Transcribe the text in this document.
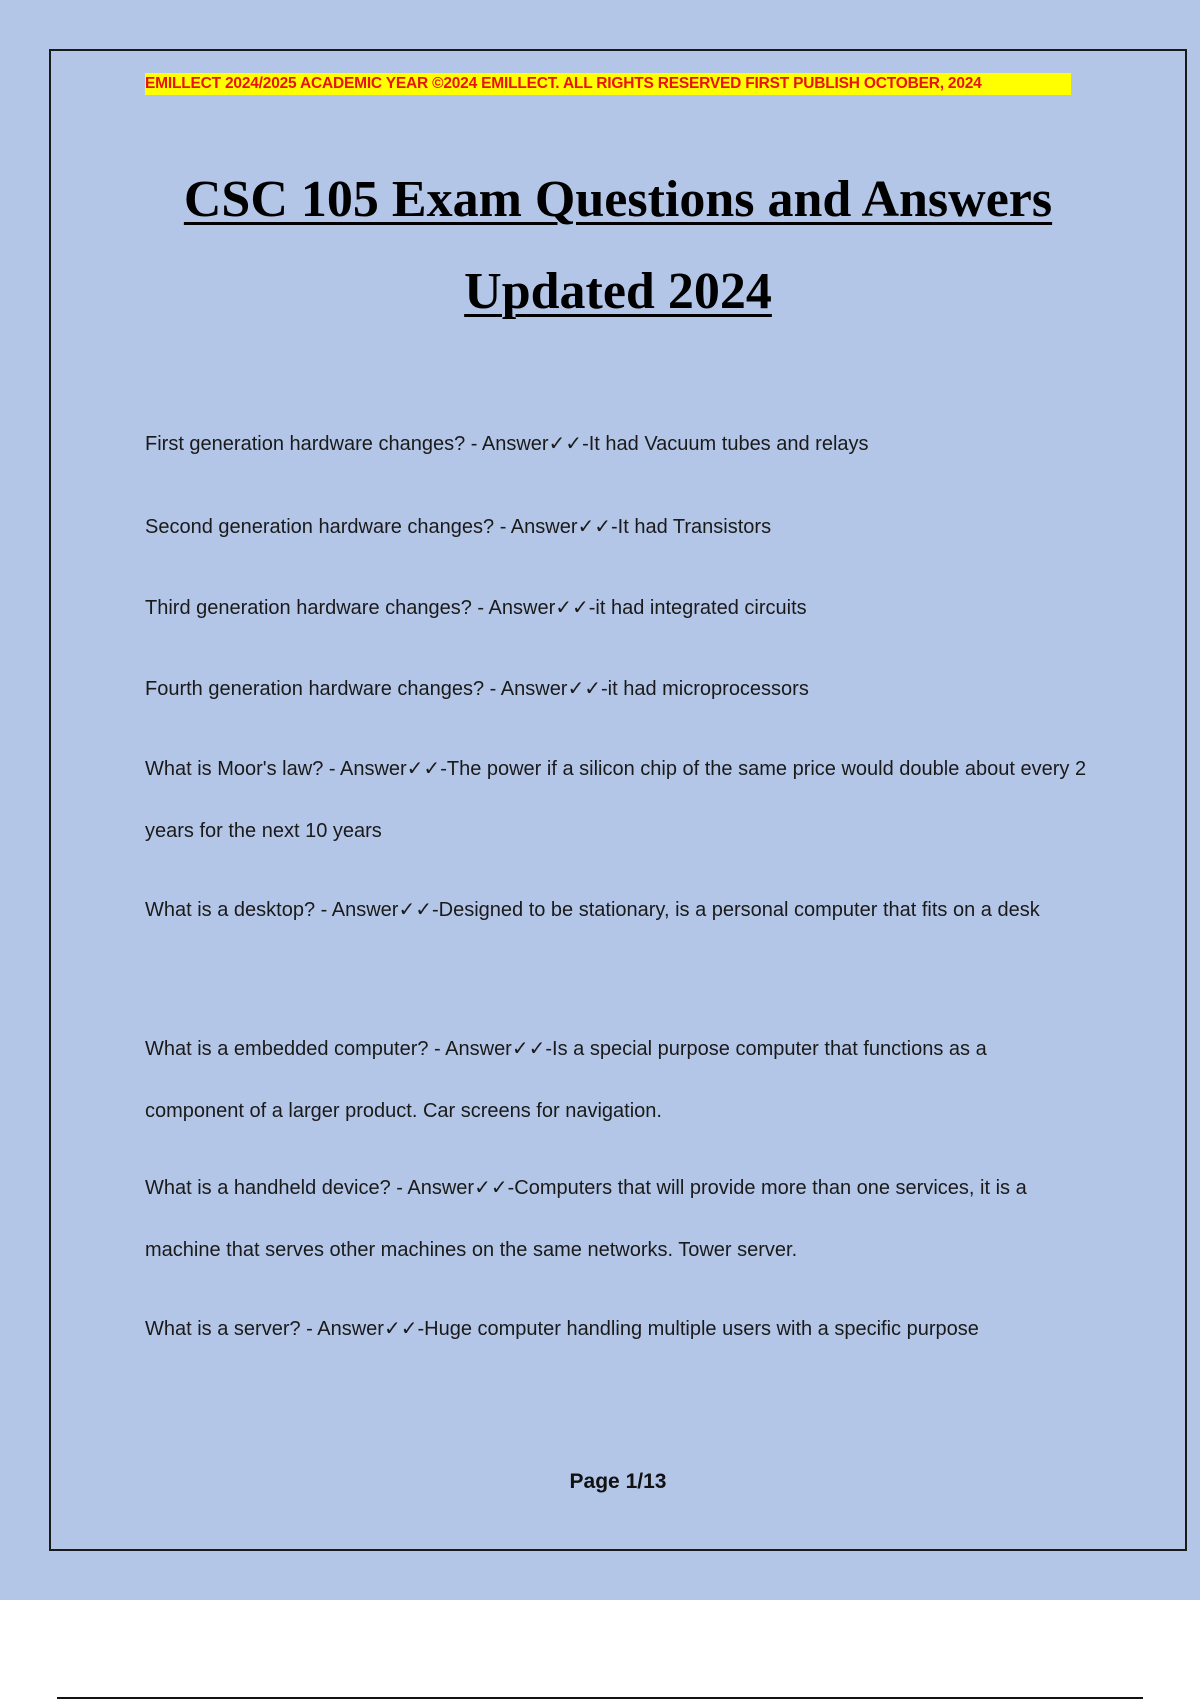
EMILLECT 2024/2025 ACADEMIC YEAR ©2024 EMILLECT. ALL RIGHTS RESERVED FIRST PUBLISH OCTOBER, 2024
CSC 105 Exam Questions and Answers
Updated 2024
First generation hardware changes? - Answer✓✓-It had Vacuum tubes and relays
Second generation hardware changes? - Answer✓✓-It had Transistors
Third generation hardware changes? - Answer✓✓-it had integrated circuits
Fourth generation hardware changes? - Answer✓✓-it had microprocessors
What is Moor's law? - Answer✓✓-The power if a silicon chip of the same price would double about every 2 years for the next 10 years
What is a desktop? - Answer✓✓-Designed to be stationary, is a personal computer that fits on a desk
What is a embedded computer? - Answer✓✓-Is a special purpose computer that functions as a component of a larger product. Car screens for navigation.
What is a handheld device? - Answer✓✓-Computers that will provide more than one services, it is a machine that serves other machines on the same networks. Tower server.
What is a server? - Answer✓✓-Huge computer handling multiple users with a specific purpose
Page 1/13
